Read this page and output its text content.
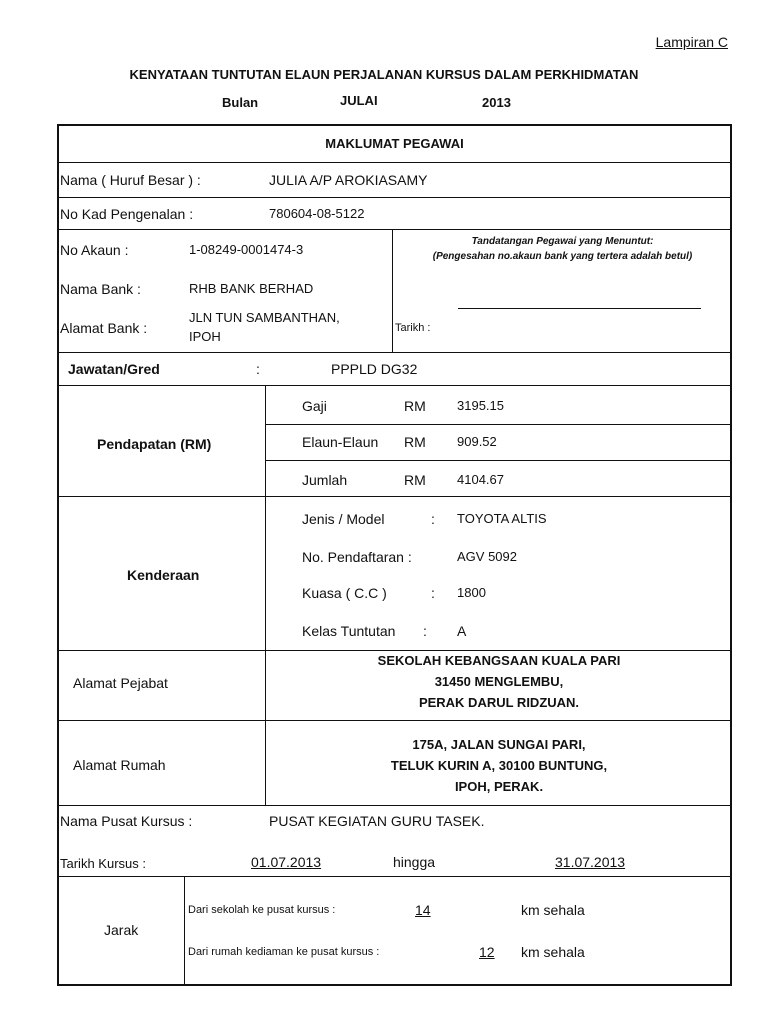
Lampiran C
KENYATAAN TUNTUTAN ELAUN PERJALANAN KURSUS DALAM PERKHIDMATAN
Bulan	JULAI	2013
MAKLUMAT PEGAWAI
Nama ( Huruf Besar ) :	JULIA A/P AROKIASAMY
No Kad Pengenalan :	780604-08-5122
No Akaun :	1-08249-0001474-3
Nama Bank :	RHB BANK BERHAD
Alamat Bank :
JLN TUN SAMBANTHAN,
IPOH
Tandatangan Pegawai yang Menuntut:
(Pengesahan no.akaun bank yang tertera adalah betul)
Tarikh :
Jawatan/Gred	:	PPPLD DG32
Pendapatan (RM)
Gaji	RM 3195.15
Elaun-Elaun RM 909.52
Jumlah	RM 4104.67
Kenderaan
Jenis / Model	: TOYOTA ALTIS
No. Pendaftaran :	AGV 5092
Kuasa ( C.C )	: 1800
Kelas Tuntutan : A
Alamat Pejabat
SEKOLAH KEBANGSAAN KUALA PARI
31450 MENGLEMBU,
PERAK DARUL RIDZUAN.
Alamat Rumah
175A, JALAN SUNGAI PARI,
TELUK KURIN A, 30100 BUNTUNG,
IPOH, PERAK.
Nama Pusat Kursus :	PUSAT KEGIATAN GURU TASEK.
Tarikh Kursus :	01.07.2013	hingga	31.07.2013
Jarak
Dari sekolah ke pusat kursus :	14	km sehala
Dari rumah kediaman ke pusat kursus :	12 km sehala
